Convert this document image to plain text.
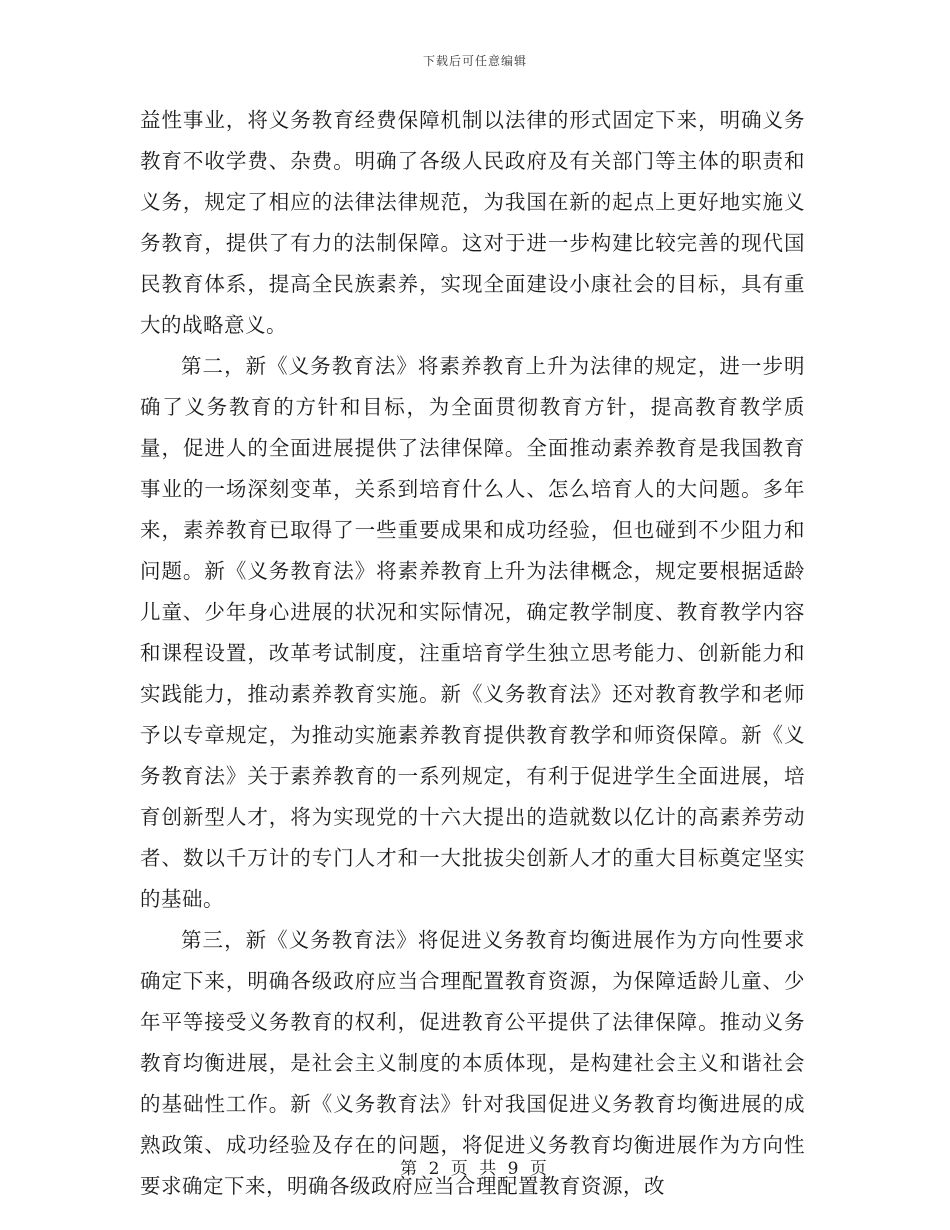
下载后可任意编辑

益性事业，将义务教育经费保障机制以法律的形式固定下来，明确义务教育不收学费、杂费。明确了各级人民政府及有关部门等主体的职责和义务，规定了相应的法律法律规范，为我国在新的起点上更好地实施义务教育，提供了有力的法制保障。这对于进一步构建比较完善的现代国民教育体系，提高全民族素养，实现全面建设小康社会的目标，具有重大的战略意义。

第二，新《义务教育法》将素养教育上升为法律的规定，进一步明确了义务教育的方针和目标，为全面贯彻教育方针，提高教育教学质量，促进人的全面进展提供了法律保障。全面推动素养教育是我国教育事业的一场深刻变革，关系到培育什么人、怎么培育人的大问题。多年来，素养教育已取得了一些重要成果和成功经验，但也碰到不少阻力和问题。新《义务教育法》将素养教育上升为法律概念，规定要根据适龄儿童、少年身心进展的状况和实际情况，确定教学制度、教育教学内容和课程设置，改革考试制度，注重培育学生独立思考能力、创新能力和实践能力，推动素养教育实施。新《义务教育法》还对教育教学和老师予以专章规定，为推动实施素养教育提供教育教学和师资保障。新《义务教育法》关于素养教育的一系列规定，有利于促进学生全面进展，培育创新型人才，将为实现党的十六大提出的造就数以亿计的高素养劳动者、数以千万计的专门人才和一大批拔尖创新人才的重大目标奠定坚实的基础。

第三，新《义务教育法》将促进义务教育均衡进展作为方向性要求确定下来，明确各级政府应当合理配置教育资源，为保障适龄儿童、少年平等接受义务教育的权利，促进教育公平提供了法律保障。推动义务教育均衡进展，是社会主义制度的本质体现，是构建社会主义和谐社会的基础性工作。新《义务教育法》针对我国促进义务教育均衡进展的成熟政策、成功经验及存在的问题，将促进义务教育均衡进展作为方向性要求确定下来，明确各级政府应当合理配置教育资源，改

第 2 页 共 9 页
